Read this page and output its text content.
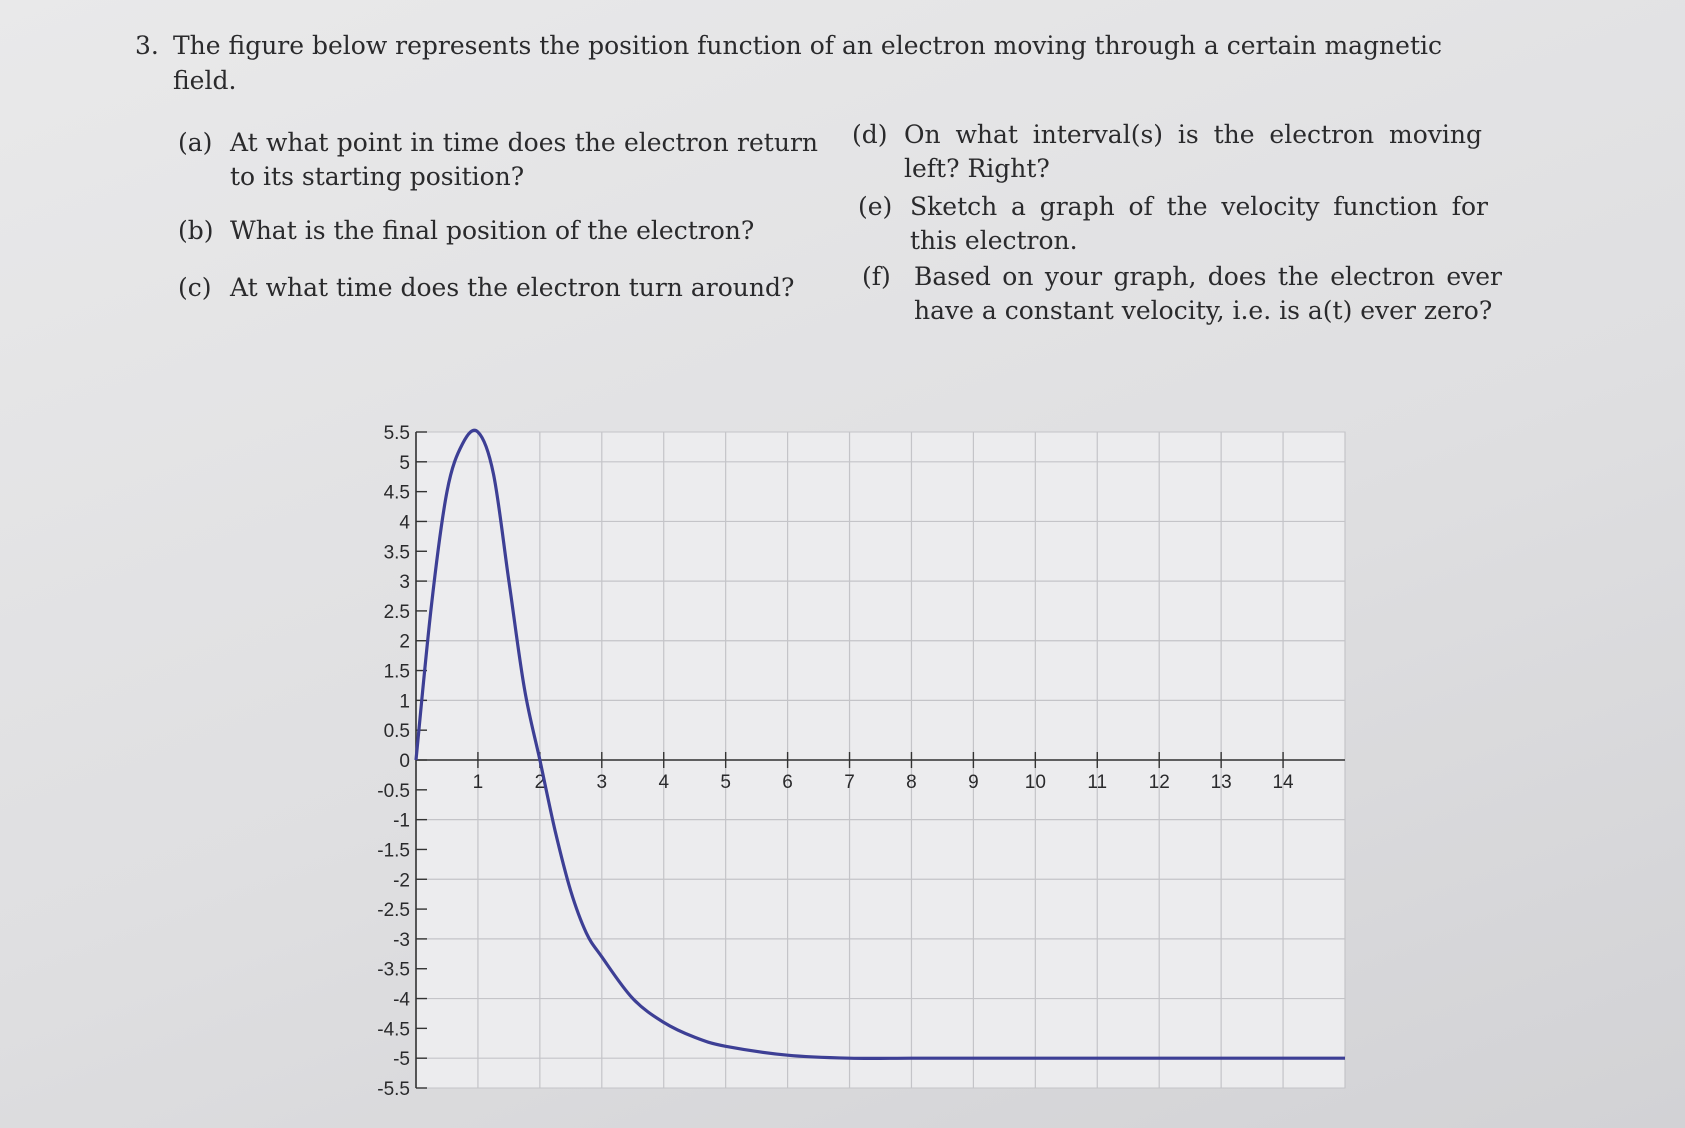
3. The figure below represents the position function of an electron moving through a certain magnetic field.
(a) At what point in time does the electron return to its starting position?
(b) What is the final position of the electron?
(c) At what time does the electron turn around?
(d) On what interval(s) is the electron moving left? Right?
(e) Sketch a graph of the velocity function for this electron.
(f) Based on your graph, does the electron ever have a constant velocity, i.e. is a(t) ever zero?
5.5
5
4.5
4
3.5
3
2.5
2
1.5
1
0.5
0
-0.5
-1
-1.5
-2
-2.5
-3
-3.5
-4
-4.5
-5
-5.5
1	2	3	4	5	6	7	8	9 10 11 12 13 14
